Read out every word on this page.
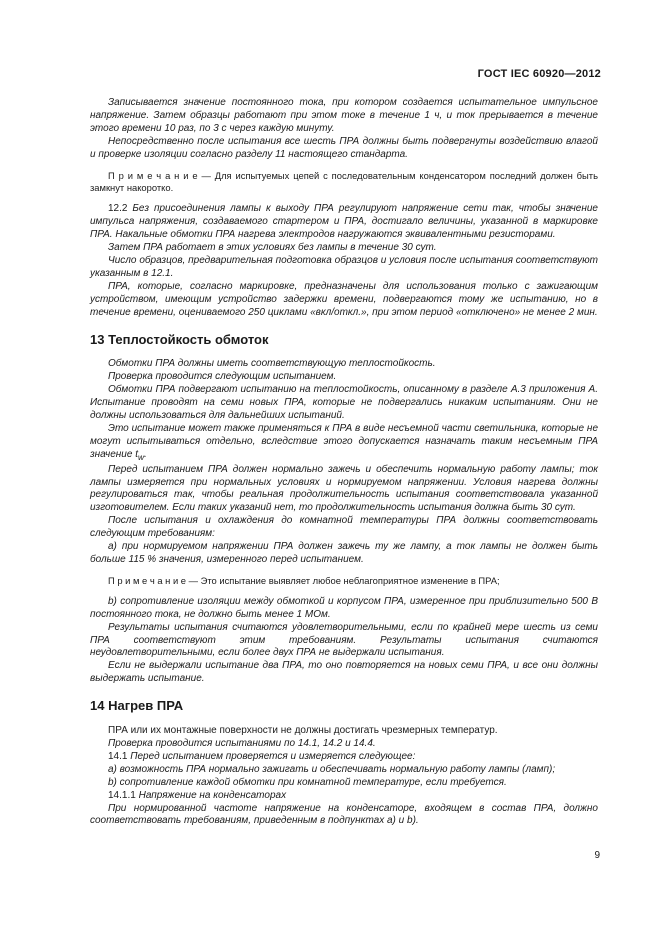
ГОСТ IEC 60920—2012

Записывается значение постоянного тока, при котором создается испытательное импульсное напряжение. Затем образцы работают при этом токе в течение 1 ч, и ток прерывается в течение этого времени 10 раз, по 3 с через каждую минуту.

Непосредственно после испытания все шесть ПРА должны быть подвергнуты воздействию влагой и проверке изоляции согласно разделу 11 настоящего стандарта.

П р и м е ч а н и е — Для испытуемых цепей с последовательным конденсатором последний должен быть замкнут накоротко.

12.2 Без присоединения лампы к выходу ПРА регулируют напряжение сети так, чтобы значение импульса напряжения, создаваемого стартером и ПРА, достигало величины, указанной в маркировке ПРА. Накальные обмотки ПРА нагрева электродов нагружаются эквивалентными резисторами.

Затем ПРА работает в этих условиях без лампы в течение 30 сут.

Число образцов, предварительная подготовка образцов и условия после испытания соответствуют указанным в 12.1.

ПРА, которые, согласно маркировке, предназначены для использования только с зажигающим устройством, имеющим устройство задержки времени, подвергаются тому же испытанию, но в течение времени, оцениваемого 250 циклами «вкл/откл.», при этом период «отключено» не менее 2 мин.

13 Теплостойкость обмоток

Обмотки ПРА должны иметь соответствующую теплостойкость.

Проверка проводится следующим испытанием.

Обмотки ПРА подвергают испытанию на теплостойкость, описанному в разделе А.3 приложения А. Испытание проводят на семи новых ПРА, которые не подвергались никаким испытаниям. Они не должны использоваться для дальнейших испытаний.

Это испытание может также применяться к ПРА в виде несъемной части светильника, которые не могут испытываться отдельно, вследствие этого допускается назначать таким несъемным ПРА значение $t_w$.

Перед испытанием ПРА должен нормально зажечь и обеспечить нормальную работу лампы; ток лампы измеряется при нормальных условиях и нормируемом напряжении. Условия нагрева должны регулироваться так, чтобы реальная продолжительность испытания соответствовала указанной изготовителем. Если таких указаний нет, то продолжительность испытания должна быть 30 сут.

После испытания и охлаждения до комнатной температуры ПРА должны соответствовать следующим требованиям:

а) при нормируемом напряжении ПРА должен зажечь ту же лампу, а ток лампы не должен быть больше 115 % значения, измеренного перед испытанием.

П р и м е ч а н и е — Это испытание выявляет любое неблагоприятное изменение в ПРА;

b) сопротивление изоляции между обмоткой и корпусом ПРА, измеренное при приблизительно 500 В постоянного тока, не должно быть менее 1 МОм.

Результаты испытания считаются удовлетворительными, если по крайней мере шесть из семи ПРА соответствуют этим требованиям. Результаты испытания считаются неудовлетворительными, если более двух ПРА не выдержали испытания.

Если не выдержали испытание два ПРА, то оно повторяется на новых семи ПРА, и все они должны выдержать испытание.

14 Нагрев ПРА

ПРА или их монтажные поверхности не должны достигать чрезмерных температур.

Проверка проводится испытаниями по 14.1, 14.2 и 14.4.

14.1 Перед испытанием проверяется и измеряется следующее:

а) возможность ПРА нормально зажигать и обеспечивать нормальную работу лампы (ламп);

b) сопротивление каждой обмотки при комнатной температуре, если требуется.

14.1.1 Напряжение на конденсаторах

При нормированной частоте напряжение на конденсаторе, входящем в состав ПРА, должно соответствовать требованиям, приведенным в подпунктах а) и b).

9
